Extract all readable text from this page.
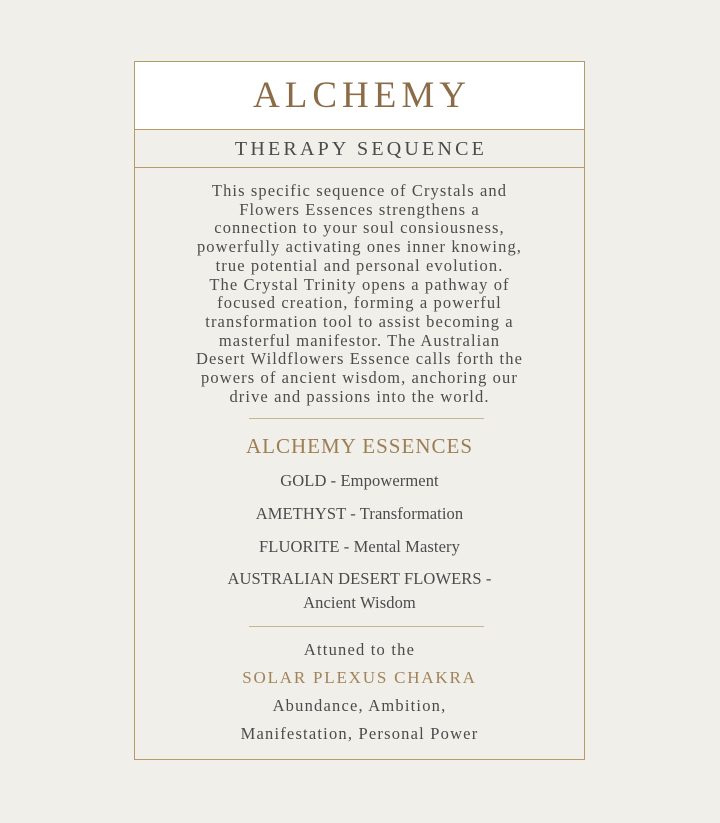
ALCHEMY
THERAPY SEQUENCE
This specific sequence of Crystals and
Flowers Essences strengthens a
connection to your soul consiousness,
powerfully activating ones inner knowing,
true potential and personal evolution.
The Crystal Trinity opens a pathway of
focused creation, forming a powerful
transformation tool to assist becoming a
masterful manifestor. The Australian
Desert Wildflowers Essence calls forth the
powers of ancient wisdom, anchoring our
drive and passions into the world.
ALCHEMY ESSENCES
GOLD - Empowerment
AMETHYST - Transformation
FLUORITE - Mental Mastery
AUSTRALIAN DESERT FLOWERS -
Ancient Wisdom
Attuned to the
SOLAR PLEXUS CHAKRA
Abundance, Ambition,
Manifestation, Personal Power
